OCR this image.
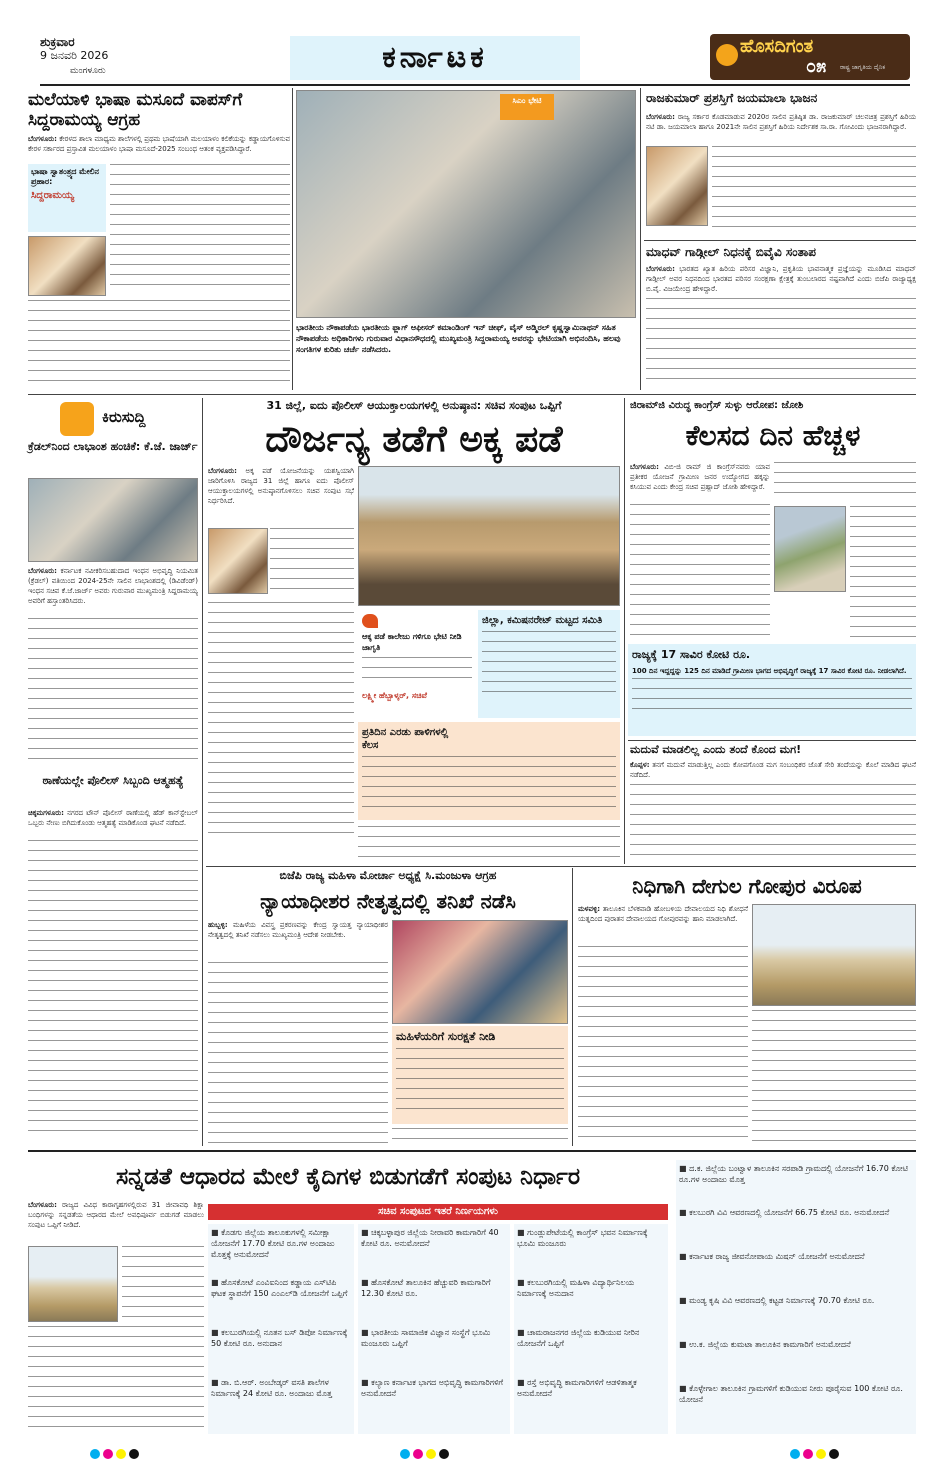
ಶುಕ್ರವಾರ
9 ಜನವರಿ 2026
ಮಂಗಳೂರು	ಕರ್ನಾಟಕ	ಹೊಸದಿಗಂತ
೦೫ ರಾಷ್ಟ್ರ ಜಾಗೃತಿಯ ದೈನಿಕ
ಮಲೆಯಾಳಿ ಭಾಷಾ ಮಸೂದೆ ವಾಪಸ್‌ಗೆ ಸಿದ್ದರಾಮಯ್ಯ ಆಗ್ರಹ
ಬೆಂಗಳೂರು: ಕೇರಳದ ಶಾಲಾ ಮಾಧ್ಯಮ ಶಾಲೆಗಳಲ್ಲಿ ಪ್ರಥಮ ಭಾಷೆಯಾಗಿ ಮಲಯಾಳಂ ಕಲಿಕೆಯನ್ನು ಕಡ್ಡಾಯಗೊಳಿಸುವ ಕೇರಳ ಸರ್ಕಾರದ ಪ್ರಸ್ತಾವಿತ ಮಲಯಾಳಂ ಭಾಷಾ ಮಸೂದೆ-2025 ಸಂಬಂಧ ಆತಂಕ ವ್ಯಕ್ತಪಡಿಸಿದ್ದಾರೆ.
ಭಾಷಾ ಸ್ವಾತಂತ್ರ್ಯದ ಮೇಲಿನ ಪ್ರಹಾರ:
ಸಿದ್ದರಾಮಯ್ಯ
ಸಿಎಂ ಭೇಟಿ
ಭಾರತೀಯ ನೌಕಾಪಡೆಯ ಭಾರತೀಯ ಫ್ಲಾಗ್ ಆಫೀಸರ್ ಕಮಾಂಡಿಂಗ್ ಇನ್ ಚೀಫ್, ವೈಸ್ ಅಡ್ಮಿರಲ್ ಕೃಷ್ಣಸ್ವಾಮಿನಾಥನ್ ಸಹಿತ ನೌಕಾಪಡೆಯ ಅಧಿಕಾರಿಗಳು ಗುರುವಾರ ವಿಧಾನಸೌಧದಲ್ಲಿ ಮುಖ್ಯಮಂತ್ರಿ ಸಿದ್ದರಾಮಯ್ಯ ಅವರನ್ನು ಭೇಟಿಯಾಗಿ ಅಭಿನಂದಿಸಿ, ಹಲವು ಸಂಗತಿಗಳ ಕುರಿತು ಚರ್ಚೆ ನಡೆಸಿದರು.
ರಾಜಕುಮಾರ್ ಪ್ರಶಸ್ತಿಗೆ ಜಯಮಾಲಾ ಭಾಜನ
ಬೆಂಗಳೂರು: ರಾಜ್ಯ ಸರ್ಕಾರ ಕೊಡಮಾಡುವ 2020ರ ಸಾಲಿನ ಪ್ರತಿಷ್ಠಿತ ಡಾ. ರಾಜಕುಮಾರ್ ಚಲನಚಿತ್ರ ಪ್ರಶಸ್ತಿಗೆ ಹಿರಿಯ ನಟಿ ಡಾ. ಜಯಮಾಲಾ ಹಾಗೂ 2021ನೇ ಸಾಲಿನ ಪ್ರಶಸ್ತಿಗೆ ಹಿರಿಯ ನಿರ್ದೇಶಕ ಸಾ.ರಾ. ಗೋವಿಂದು ಭಾಜನರಾಗಿದ್ದಾರೆ.
ಮಾಧವ್ ಗಾಡ್ಗೀಲ್ ನಿಧನಕ್ಕೆ ಬಿವೈವಿ ಸಂತಾಪ
ಬೆಂಗಳೂರು: ಭಾರತದ ಖ್ಯಾತ ಹಿರಿಯ ಪರಿಸರ ವಿಜ್ಞಾನಿ, ಪ್ರಕೃತಿಯ ಭಾವನಾತ್ಮಕ ಪ್ರಜ್ಞೆಯನ್ನು ಮೂಡಿಸಿದ ಮಾಧವ್ ಗಾಡ್ಗೀಲ್ ಅವರ ನಿಧನದಿಂದ ಭಾರತದ ಪರಿಸರ ಸಂರಕ್ಷಣಾ ಕ್ಷೇತ್ರಕ್ಕೆ ತುಂಬಲಾರದ ನಷ್ಟವಾಗಿದೆ ಎಂದು ಬಿಜೆಪಿ ರಾಜ್ಯಾಧ್ಯಕ್ಷ ಬಿ.ವೈ. ವಿಜಯೇಂದ್ರ ಹೇಳಿದ್ದಾರೆ.
ಕಿರುಸುದ್ದಿ
ಕ್ರೆಡಲ್‌ನಿಂದ ಲಾಭಾಂಶ ಹಂಚಿಕೆ: ಕೆ.ಜೆ. ಜಾರ್ಜ್
ಬೆಂಗಳೂರು: ಕರ್ನಾಟಕ ನವೀಕರಿಸಬಹುದಾದ ಇಂಧನ ಅಭಿವೃದ್ಧಿ ನಿಯಮಿತ (ಕ್ರೆಡಲ್) ವತಿಯಿಂದ 2024-25ನೇ ಸಾಲಿನ ಲಾಭಾಂಶದಲ್ಲಿ (ಡಿವಿಡೆಂಡ್) ಇಂಧನ ಸಚಿವ ಕೆ.ಜೆ.ಜಾರ್ಜ್ ಅವರು ಗುರುವಾರ ಮುಖ್ಯಮಂತ್ರಿ ಸಿದ್ದರಾಮಯ್ಯ ಅವರಿಗೆ ಹಸ್ತಾಂತರಿಸಿದರು.
ಠಾಣೆಯಲ್ಲೇ ಪೊಲೀಸ್ ಸಿಬ್ಬಂದಿ ಆತ್ಮಹತ್ಯೆ
ಚಿಕ್ಕಮಗಳೂರು: ನಗರದ ಟೌನ್ ಪೊಲೀಸ್ ಠಾಣೆಯಲ್ಲಿ ಹೆಡ್ ಕಾನ್‌ಸ್ಟೇಬಲ್ ಒಬ್ಬರು ನೇಣು ಬಿಗಿದುಕೊಂಡು ಆತ್ಮಹತ್ಯೆ ಮಾಡಿಕೊಂಡ ಘಟನೆ ನಡೆದಿದೆ.
31 ಜಿಲ್ಲೆ, ಐದು ಪೊಲೀಸ್ ಆಯುಕ್ತಾಲಯಗಳಲ್ಲಿ ಅನುಷ್ಠಾನ: ಸಚಿವ ಸಂಪುಟ ಒಪ್ಪಿಗೆ
ದೌರ್ಜನ್ಯ ತಡೆಗೆ ಅಕ್ಕ ಪಡೆ
ಬೆಂಗಳೂರು: ಅಕ್ಕ ಪಡೆ ಯೋಜನೆಯನ್ನು ಯಶಸ್ವಿಯಾಗಿ ಜಾರಿಗೊಳಿಸಿ ರಾಜ್ಯದ 31 ಜಿಲ್ಲೆ ಹಾಗೂ ಐದು ಪೊಲೀಸ್ ಆಯುಕ್ತಾಲಯಗಳಲ್ಲಿ ಅನುಷ್ಠಾನಗೊಳಿಸಲು ಸಚಿವ ಸಂಪುಟ ಸಭೆ ನಿರ್ಧರಿಸಿದೆ.
ಆಕ್ಕ ಪಡೆ ಕಾಲೇಜು ಗಳಿಗೂ ಭೇಟಿ ನೀಡಿ ಜಾಗೃತಿ
ಲಕ್ಷ್ಮೀ ಹೆಬ್ಬಾಳ್ಕರ್, ಸಚಿವೆ
ಜಿಲ್ಲಾ, ಕಮಿಷನರೇಟ್ ಮಟ್ಟದ ಸಮಿತಿ
ಪ್ರತಿದಿನ ಎರಡು ಪಾಳಿಗಳಲ್ಲಿ ಕೆಲಸ
ಜಿರಾಮ್‌ಜಿ ವಿರುದ್ಧ ಕಾಂಗ್ರೆಸ್ ಸುಳ್ಳು ಆರೋಪ: ಜೋಶಿ
ಕೆಲಸದ ದಿನ ಹೆಚ್ಚಳ
ಬೆಂಗಳೂರು: ವಿಬಿ-ಜಿ ರಾಮ್ ಜಿ ಕಾಂಗ್ರೆಸ್‌ನವರು ಯಾವ ಪ್ರತೀಕರ ಯೋಜನೆ ಗ್ರಾಮೀಣ ಜನರ ಉದ್ಯೋಗದ ಹಕ್ಕನ್ನು ಕಸಿಯುವ ಎಂದು ಕೇಂದ್ರ ಸಚಿವ ಪ್ರಹ್ಲಾದ್ ಜೋಶಿ ಹೇಳಿದ್ದಾರೆ.
ರಾಜ್ಯಕ್ಕೆ 17 ಸಾವಿರ ಕೋಟಿ ರೂ.
100 ದಿನ ಇದ್ದದ್ದನ್ನು 125 ದಿನ ಮಾಡಿದೆ ಗ್ರಾಮೀಣ ಭಾಗದ ಅಭಿವೃದ್ಧಿಗೆ ರಾಜ್ಯಕ್ಕೆ 17 ಸಾವಿರ ಕೋಟಿ ರೂ. ನೀಡಲಾಗಿದೆ.
ಮದುವೆ ಮಾಡಲಿಲ್ಲ ಎಂದು ತಂದೆ ಕೊಂದ ಮಗ!
ಕೊಪ್ಪಳ: ತನಗೆ ಮದುವೆ ಮಾಡುತ್ತಿಲ್ಲ ಎಂದು ಕೋಪಗೊಂಡ ಮಗ ಸಂಬಂಧಿಕರ ಜೊತೆ ಸೇರಿ ತಂದೆಯನ್ನು ಕೊಲೆ ಮಾಡಿದ ಘಟನೆ ನಡೆದಿದೆ.
ಬಿಜೆಪಿ ರಾಜ್ಯ ಮಹಿಳಾ ಮೋರ್ಚಾ ಅಧ್ಯಕ್ಷೆ ಸಿ.ಮಂಜುಳಾ ಆಗ್ರಹ
ನ್ಯಾಯಾಧೀಶರ ನೇತೃತ್ವದಲ್ಲಿ ತನಿಖೆ ನಡೆಸಿ
ಹುಬ್ಬಳ್ಳಿ: ಮಹಿಳೆಯ ವಿವಸ್ತ್ರ ಪ್ರಕರಣವನ್ನು ಕೇಂದ್ರ ಸ್ವಾಯತ್ತ ನ್ಯಾಯಾಧೀಶರ ನೇತೃತ್ವದಲ್ಲಿ ತನಿಖೆ ನಡೆಸಲು ಮುಖ್ಯಮಂತ್ರಿ ಆದೇಶ ನೀಡಬೇಕು.
ಮಹಿಳೆಯರಿಗೆ ಸುರಕ್ಷತೆ ನೀಡಿ
ನಿಧಿಗಾಗಿ ದೇಗುಲ ಗೋಪುರ ವಿರೂಪ
ಮಳವಳ್ಳಿ: ತಾಲೂಕಿನ ಬೆಳಕವಾಡಿ ಹೋಬಳಿಯ ದೇವಾಲಯದ ನಿಧಿ ಶೋಧನೆ ಯತ್ನದಿಂದ ಪುರಾತನ ದೇವಾಲಯದ ಗೋಪುರವನ್ನು ಹಾನಿ ಮಾಡಲಾಗಿದೆ.
ಸನ್ನಡತೆ ಆಧಾರದ ಮೇಲೆ ಕೈದಿಗಳ ಬಿಡುಗಡೆಗೆ ಸಂಪುಟ ನಿರ್ಧಾರ
ಬೆಂಗಳೂರು: ರಾಜ್ಯದ ವಿವಿಧ ಕಾರಾಗೃಹಗಳಲ್ಲಿರುವ 31 ಜೀವಾವಧಿ ಶಿಕ್ಷಾ ಬಂಧಿಗಳನ್ನು ಸನ್ನಡತೆಯ ಆಧಾರದ ಮೇಲೆ ಅವಧಿಪೂರ್ವ ಬಿಡುಗಡೆ ಮಾಡಲು ಸಂಪುಟ ಒಪ್ಪಿಗೆ ನೀಡಿದೆ.
ಸಚಿವ ಸಂಪುಟದ ಇತರೆ ನಿರ್ಣಯಗಳು
■ ಕೊಡಗು ಜಿಲ್ಲೆಯ ತಾಲೂಕುಗಳಲ್ಲಿ ಸಮೀಕ್ಷಾ ಯೋಜನೆಗೆ 17.70 ಕೋಟಿ ರೂ.ಗಳ ಅಂದಾಜು ಮೊತ್ತಕ್ಕೆ ಅನುಮೋದನೆ
■ ಹೊಸಕೋಟೆ ಎಂವಿಐನಿಂದ ಕಡ್ಡಾಯ ಎಸ್‌ಟಿಪಿ ಘಟಕ ಸ್ಥಾಪನೆಗೆ 150 ಎಂಎಲ್‌ಡಿ ಯೋಜನೆಗೆ ಒಪ್ಪಿಗೆ
■ ಕಲಬುರಗಿಯಲ್ಲಿ ನೂತನ ಬಸ್ ಡಿಪೋ ನಿರ್ಮಾಣಕ್ಕೆ 50 ಕೋಟಿ ರೂ. ಅನುದಾನ
■ ಡಾ. ಬಿ.ಆರ್. ಅಂಬೇಡ್ಕರ್ ವಸತಿ ಶಾಲೆಗಳ ನಿರ್ಮಾಣಕ್ಕೆ 24 ಕೋಟಿ ರೂ. ಅಂದಾಜು ಮೊತ್ತ
■ ಚಿಕ್ಕಬಳ್ಳಾಪುರ ಜಿಲ್ಲೆಯ ನೀರಾವರಿ ಕಾಮಗಾರಿಗೆ 40 ಕೋಟಿ ರೂ. ಅನುಮೋದನೆ
■ ಹೊಸಕೋಟೆ ತಾಲೂಕಿನ ಹೆಚ್ಚುವರಿ ಕಾಮಗಾರಿಗೆ 12.30 ಕೋಟಿ ರೂ.
■ ಭಾರತೀಯ ಸಾಮಾಜಿಕ ವಿಜ್ಞಾನ ಸಂಸ್ಥೆಗೆ ಭೂಮಿ ಮಂಜೂರು ಒಪ್ಪಿಗೆ
■ ಕಲ್ಯಾಣ ಕರ್ನಾಟಕ ಭಾಗದ ಅಭಿವೃದ್ಧಿ ಕಾಮಗಾರಿಗಳಿಗೆ ಅನುಮೋದನೆ
■ ಗುಂಡ್ಲುಪೇಟೆಯಲ್ಲಿ ಕಾಂಗ್ರೆಸ್ ಭವನ ನಿರ್ಮಾಣಕ್ಕೆ ಭೂಮಿ ಮಂಜೂರು
■ ಕಲಬುರಗಿಯಲ್ಲಿ ಮಹಿಳಾ ವಿದ್ಯಾರ್ಥಿನಿಲಯ ನಿರ್ಮಾಣಕ್ಕೆ ಅನುದಾನ
■ ಚಾಮರಾಜನಗರ ಜಿಲ್ಲೆಯ ಕುಡಿಯುವ ನೀರಿನ ಯೋಜನೆಗೆ ಒಪ್ಪಿಗೆ
■ ರಸ್ತೆ ಅಭಿವೃದ್ಧಿ ಕಾಮಗಾರಿಗಳಿಗೆ ಆಡಳಿತಾತ್ಮಕ ಅನುಮೋದನೆ
■ ದ.ಕ. ಜಿಲ್ಲೆಯ ಬಂಟ್ವಾಳ ತಾಲೂಕಿನ ಸರಪಾಡಿ ಗ್ರಾಮದಲ್ಲಿ ಯೋಜನೆಗೆ 16.70 ಕೋಟಿ ರೂ.ಗಳ ಅಂದಾಜು ಮೊತ್ತ
■ ಕಲಬುರಗಿ ವಿವಿ ಆವರಣದಲ್ಲಿ ಯೋಜನೆಗೆ 66.75 ಕೋಟಿ ರೂ. ಅನುಮೋದನೆ
■ ಕರ್ನಾಟಕ ರಾಜ್ಯ ಜೀವನೋಪಾಯ ಮಿಷನ್ ಯೋಜನೆಗೆ ಅನುಮೋದನೆ
■ ಮಂಡ್ಯ ಕೃಷಿ ವಿವಿ ಆವರಣದಲ್ಲಿ ಕಟ್ಟಡ ನಿರ್ಮಾಣಕ್ಕೆ 70.70 ಕೋಟಿ ರೂ.
■ ಉ.ಕ. ಜಿಲ್ಲೆಯ ಕುಮಟಾ ತಾಲೂಕಿನ ಕಾಮಗಾರಿಗೆ ಅನುಮೋದನೆ
■ ಕೊಳ್ಳೇಗಾಲ ತಾಲೂಕಿನ ಗ್ರಾಮಗಳಿಗೆ ಕುಡಿಯುವ ನೀರು ಪೂರೈಸುವ 100 ಕೋಟಿ ರೂ. ಯೋಜನೆ
